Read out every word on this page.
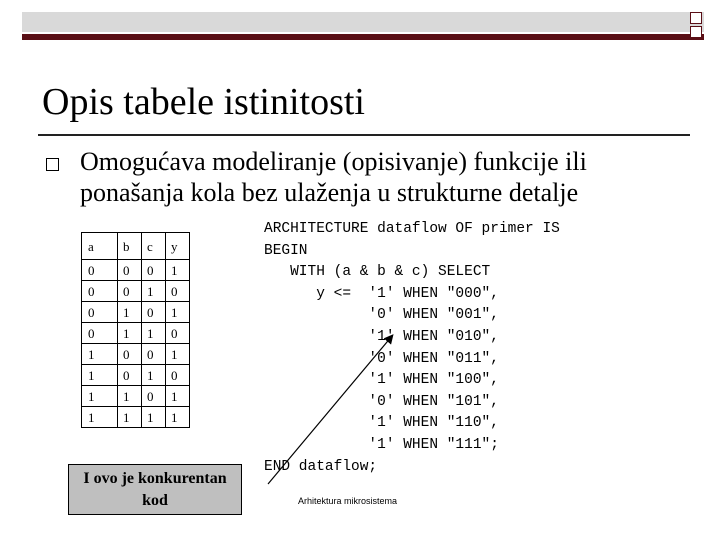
Opis tabele istinitosti
Omogućava modeliranje (opisivanje) funkcije ili ponašanja kola bez ulaženja u strukturne detalje
a	b	c	y
0	0	0	1
0	0	1	0
0	1	0	1
0	1	1	0
1	0	0	1
1	0	1	0
1	1	0	1
1	1	1	1
ARCHITECTURE dataflow OF primer IS
BEGIN
WITH (a & b & c) SELECT
y <=  '1' WHEN "000",
'0' WHEN "001",
'1' WHEN "010",
'0' WHEN "011",
'1' WHEN "100",
'0' WHEN "101",
'1' WHEN "110",
'1' WHEN "111";
END dataflow;
I ovo je konkurentan kod	Arhitektura mikrosistema
